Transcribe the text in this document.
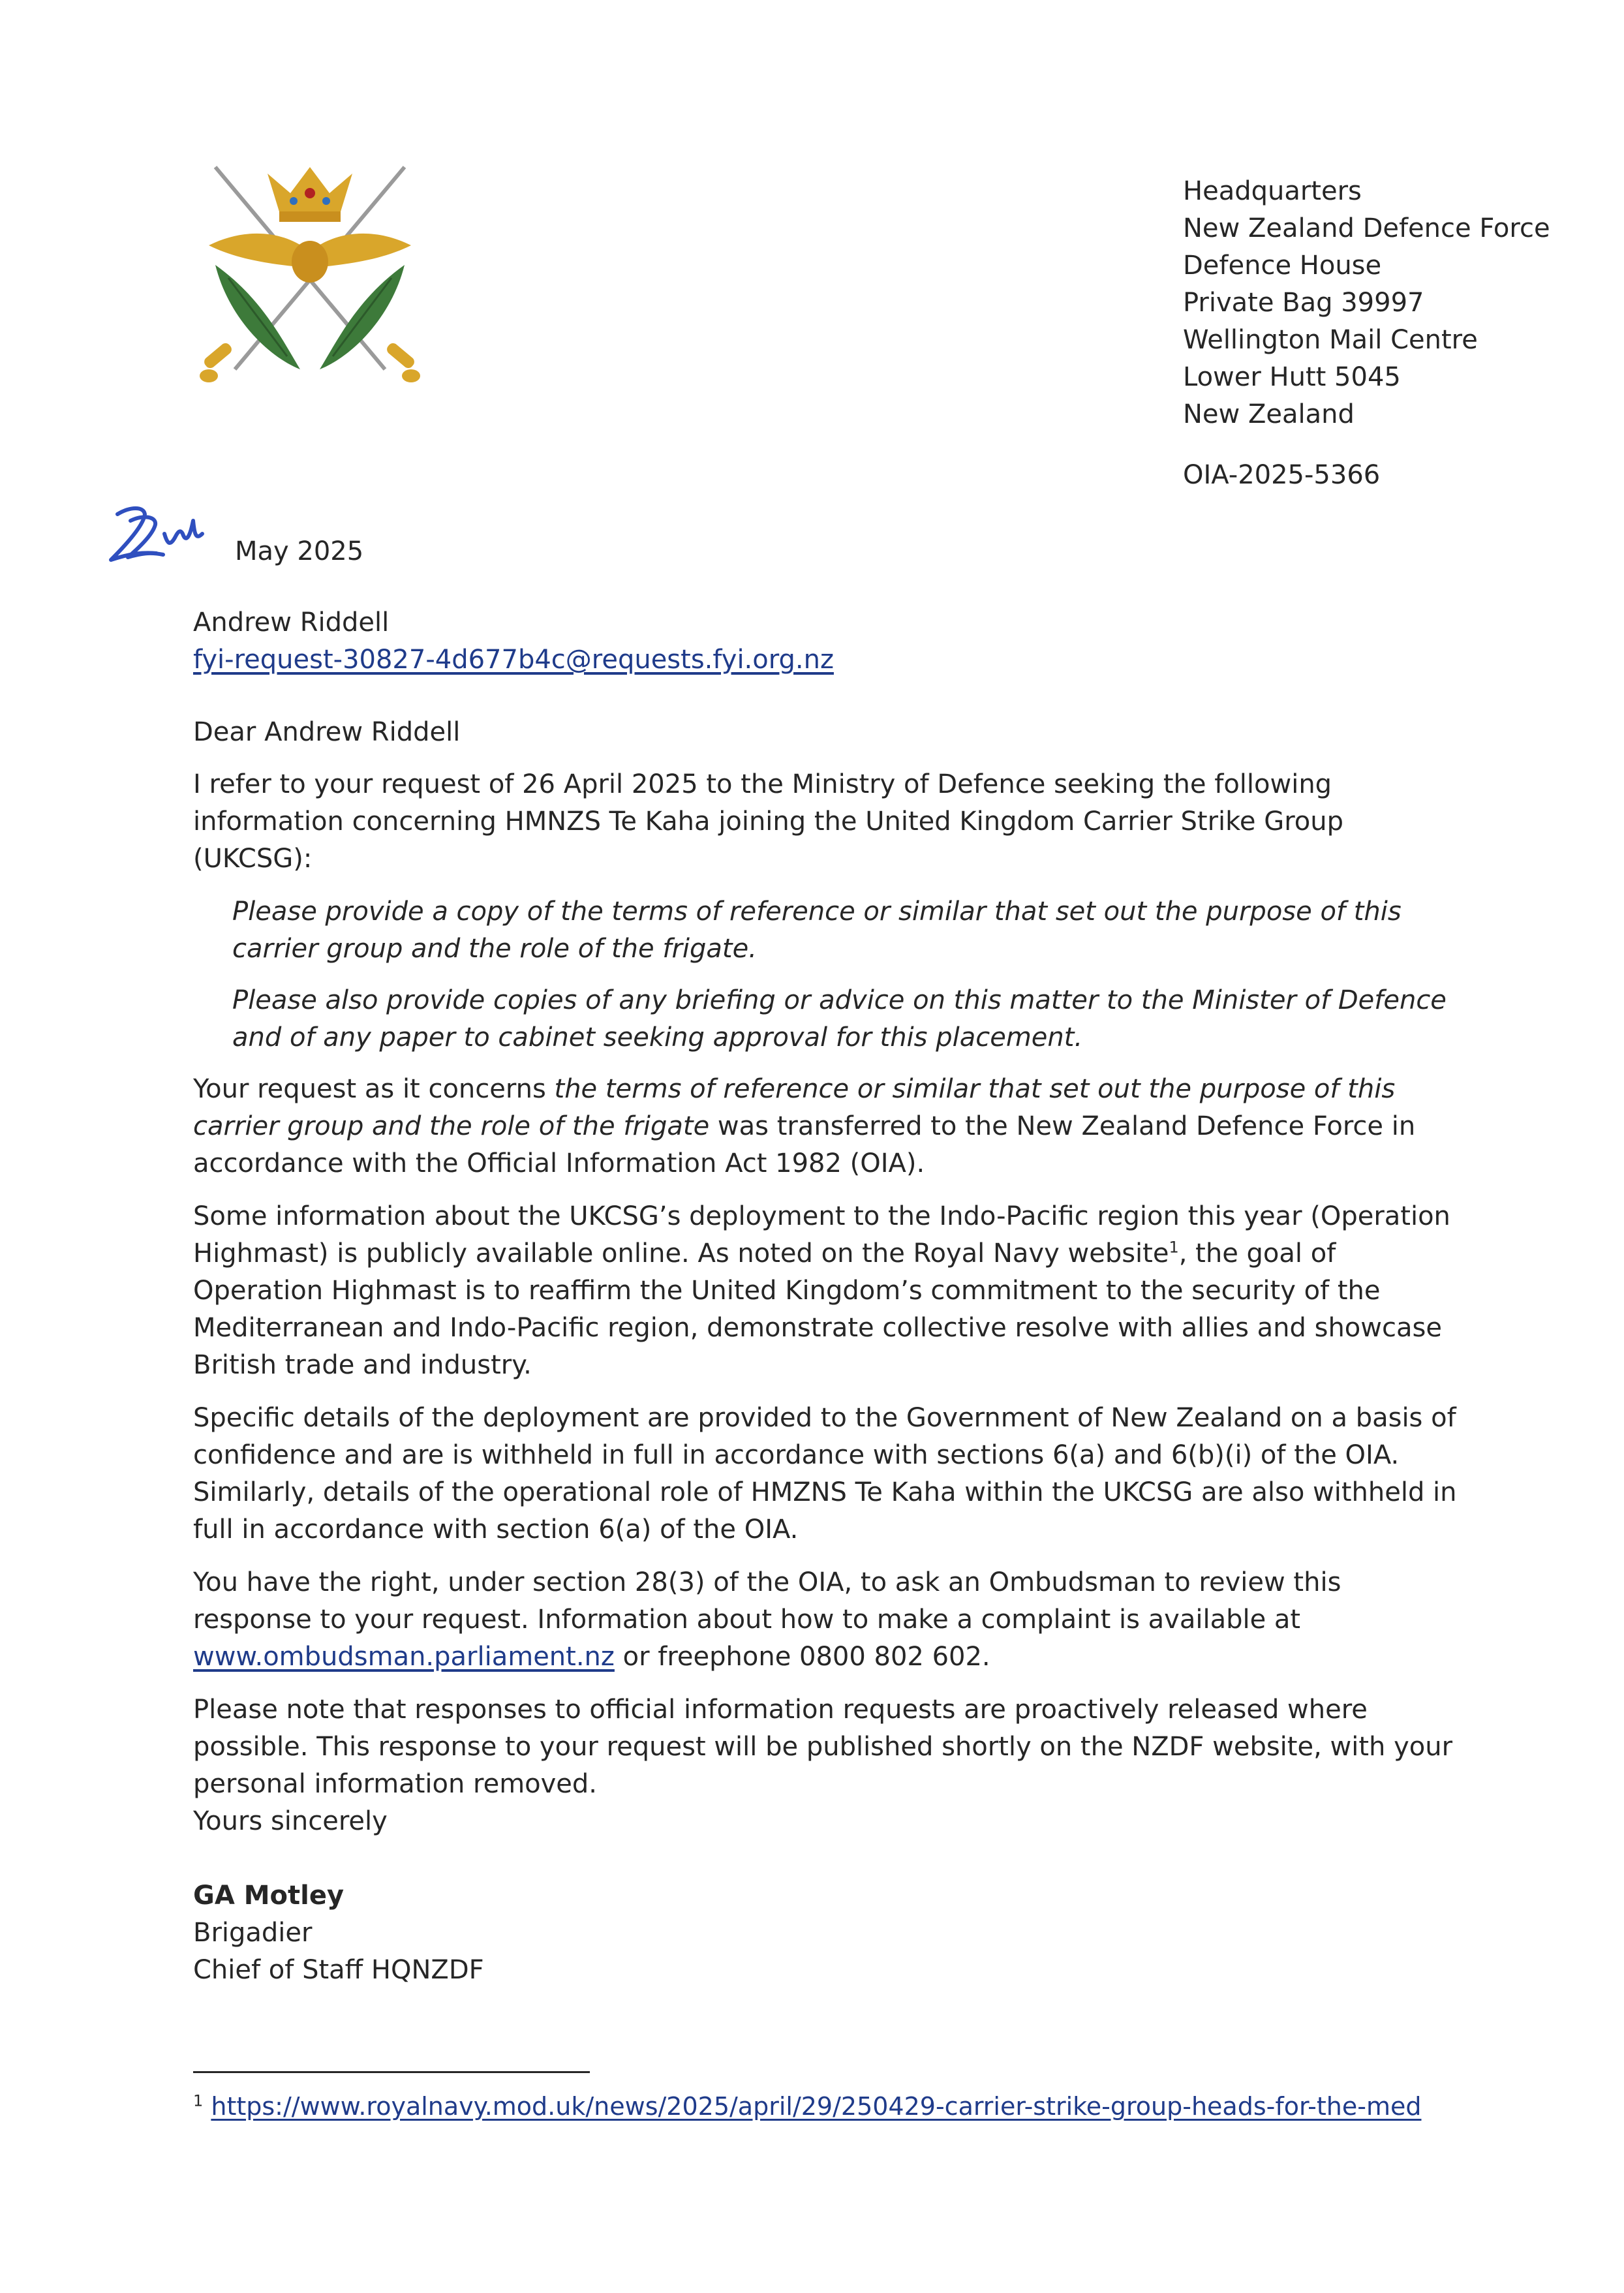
Headquarters
New Zealand Defence Force
Defence House
Private Bag 39997
Wellington Mail Centre
Lower Hutt 5045
New Zealand
OIA-2025-5366
May 2025
Andrew Riddell
fyi-request-30827-4d677b4c@requests.fyi.org.nz
Dear Andrew Riddell

I refer to your request of 26 April 2025 to the Ministry of Defence seeking the following information concerning HMNZS Te Kaha joining the United Kingdom Carrier Strike Group (UKCSG):

Please provide a copy of the terms of reference or similar that set out the purpose of this carrier group and the role of the frigate.

Please also provide copies of any briefing or advice on this matter to the Minister of Defence and of any paper to cabinet seeking approval for this placement.

Your request as it concerns the terms of reference or similar that set out the purpose of this carrier group and the role of the frigate was transferred to the New Zealand Defence Force in accordance with the Official Information Act 1982 (OIA).

Some information about the UKCSG’s deployment to the Indo-Pacific region this year (Operation Highmast) is publicly available online. As noted on the Royal Navy website$^1$, the goal of Operation Highmast is to reaffirm the United Kingdom’s commitment to the security of the Mediterranean and Indo-Pacific region, demonstrate collective resolve with allies and showcase British trade and industry.

Specific details of the deployment are provided to the Government of New Zealand on a basis of confidence and are is withheld in full in accordance with sections 6(a) and 6(b)(i) of the OIA. Similarly, details of the operational role of HMZNS Te Kaha within the UKCSG are also withheld in full in accordance with section 6(a) of the OIA.

You have the right, under section 28(3) of the OIA, to ask an Ombudsman to review this response to your request. Information about how to make a complaint is available at www.ombudsman.parliament.nz or freephone 0800 802 602.

Please note that responses to official information requests are proactively released where possible. This response to your request will be published shortly on the NZDF website, with your personal information removed.

Yours sincerely
GA Motley
Brigadier
Chief of Staff HQNZDF
$^1$ https://www.royalnavy.mod.uk/news/2025/april/29/250429-carrier-strike-group-heads-for-the-med
